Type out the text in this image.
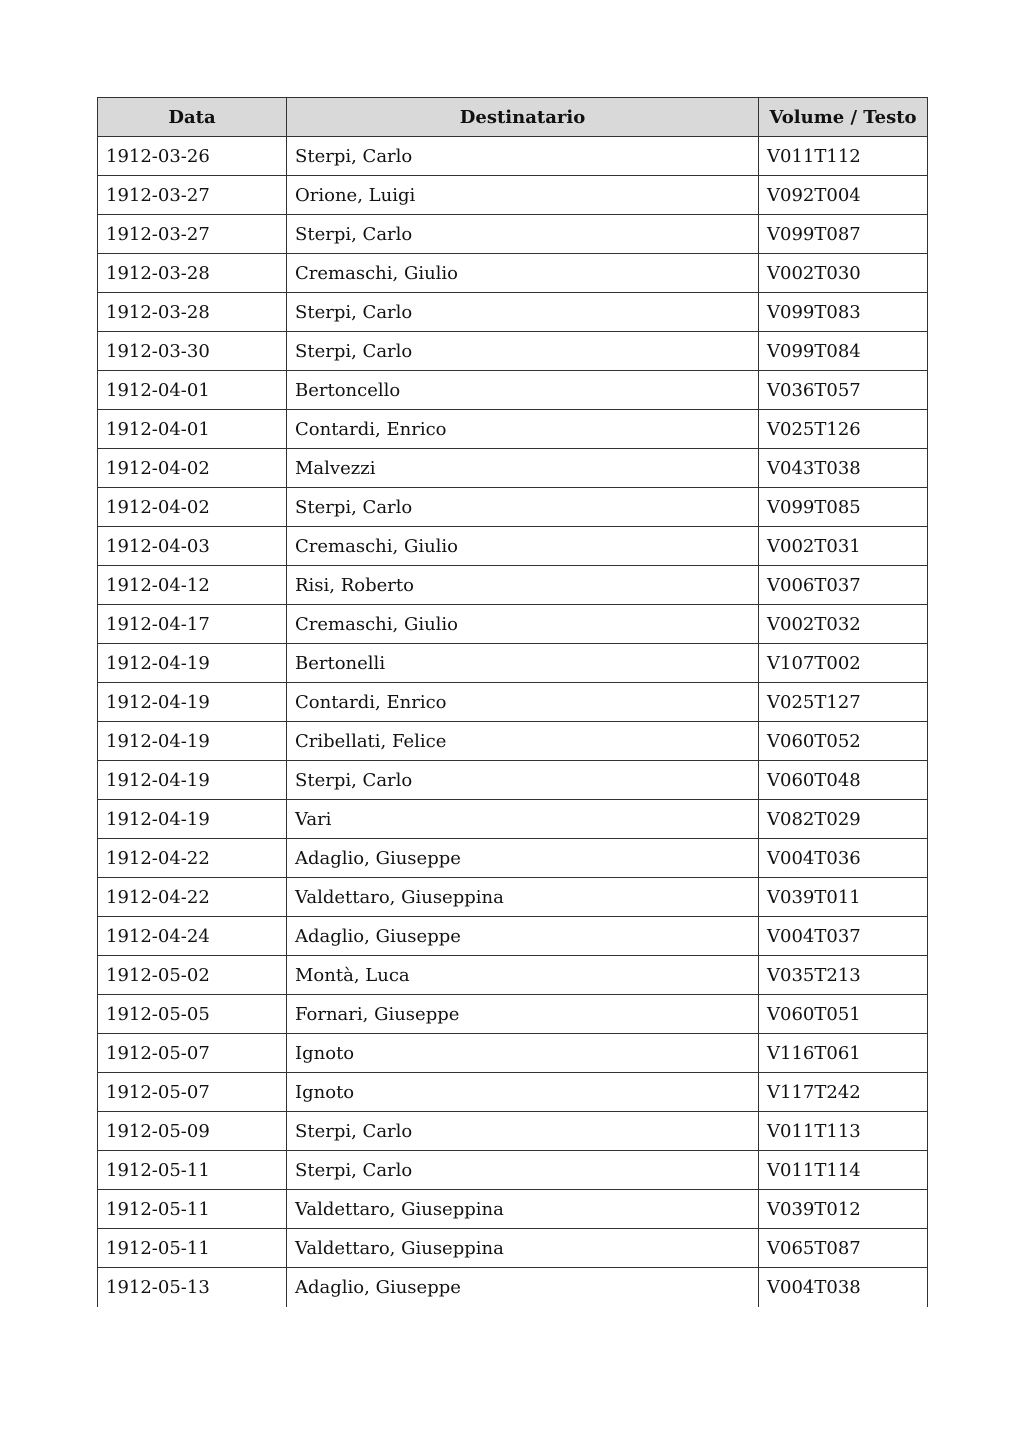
Data	Destinatario	Volume / Testo
1912-03-26	Sterpi, Carlo	V011T112
1912-03-27	Orione, Luigi	V092T004
1912-03-27	Sterpi, Carlo	V099T087
1912-03-28	Cremaschi, Giulio	V002T030
1912-03-28	Sterpi, Carlo	V099T083
1912-03-30	Sterpi, Carlo	V099T084
1912-04-01	Bertoncello	V036T057
1912-04-01	Contardi, Enrico	V025T126
1912-04-02	Malvezzi	V043T038
1912-04-02	Sterpi, Carlo	V099T085
1912-04-03	Cremaschi, Giulio	V002T031
1912-04-12	Risi, Roberto	V006T037
1912-04-17	Cremaschi, Giulio	V002T032
1912-04-19	Bertonelli	V107T002
1912-04-19	Contardi, Enrico	V025T127
1912-04-19	Cribellati, Felice	V060T052
1912-04-19	Sterpi, Carlo	V060T048
1912-04-19	Vari	V082T029
1912-04-22	Adaglio, Giuseppe	V004T036
1912-04-22	Valdettaro, Giuseppina	V039T011
1912-04-24	Adaglio, Giuseppe	V004T037
1912-05-02	Montà, Luca	V035T213
1912-05-05	Fornari, Giuseppe	V060T051
1912-05-07	Ignoto	V116T061
1912-05-07	Ignoto	V117T242
1912-05-09	Sterpi, Carlo	V011T113
1912-05-11	Sterpi, Carlo	V011T114
1912-05-11	Valdettaro, Giuseppina	V039T012
1912-05-11	Valdettaro, Giuseppina	V065T087
1912-05-13	Adaglio, Giuseppe	V004T038
